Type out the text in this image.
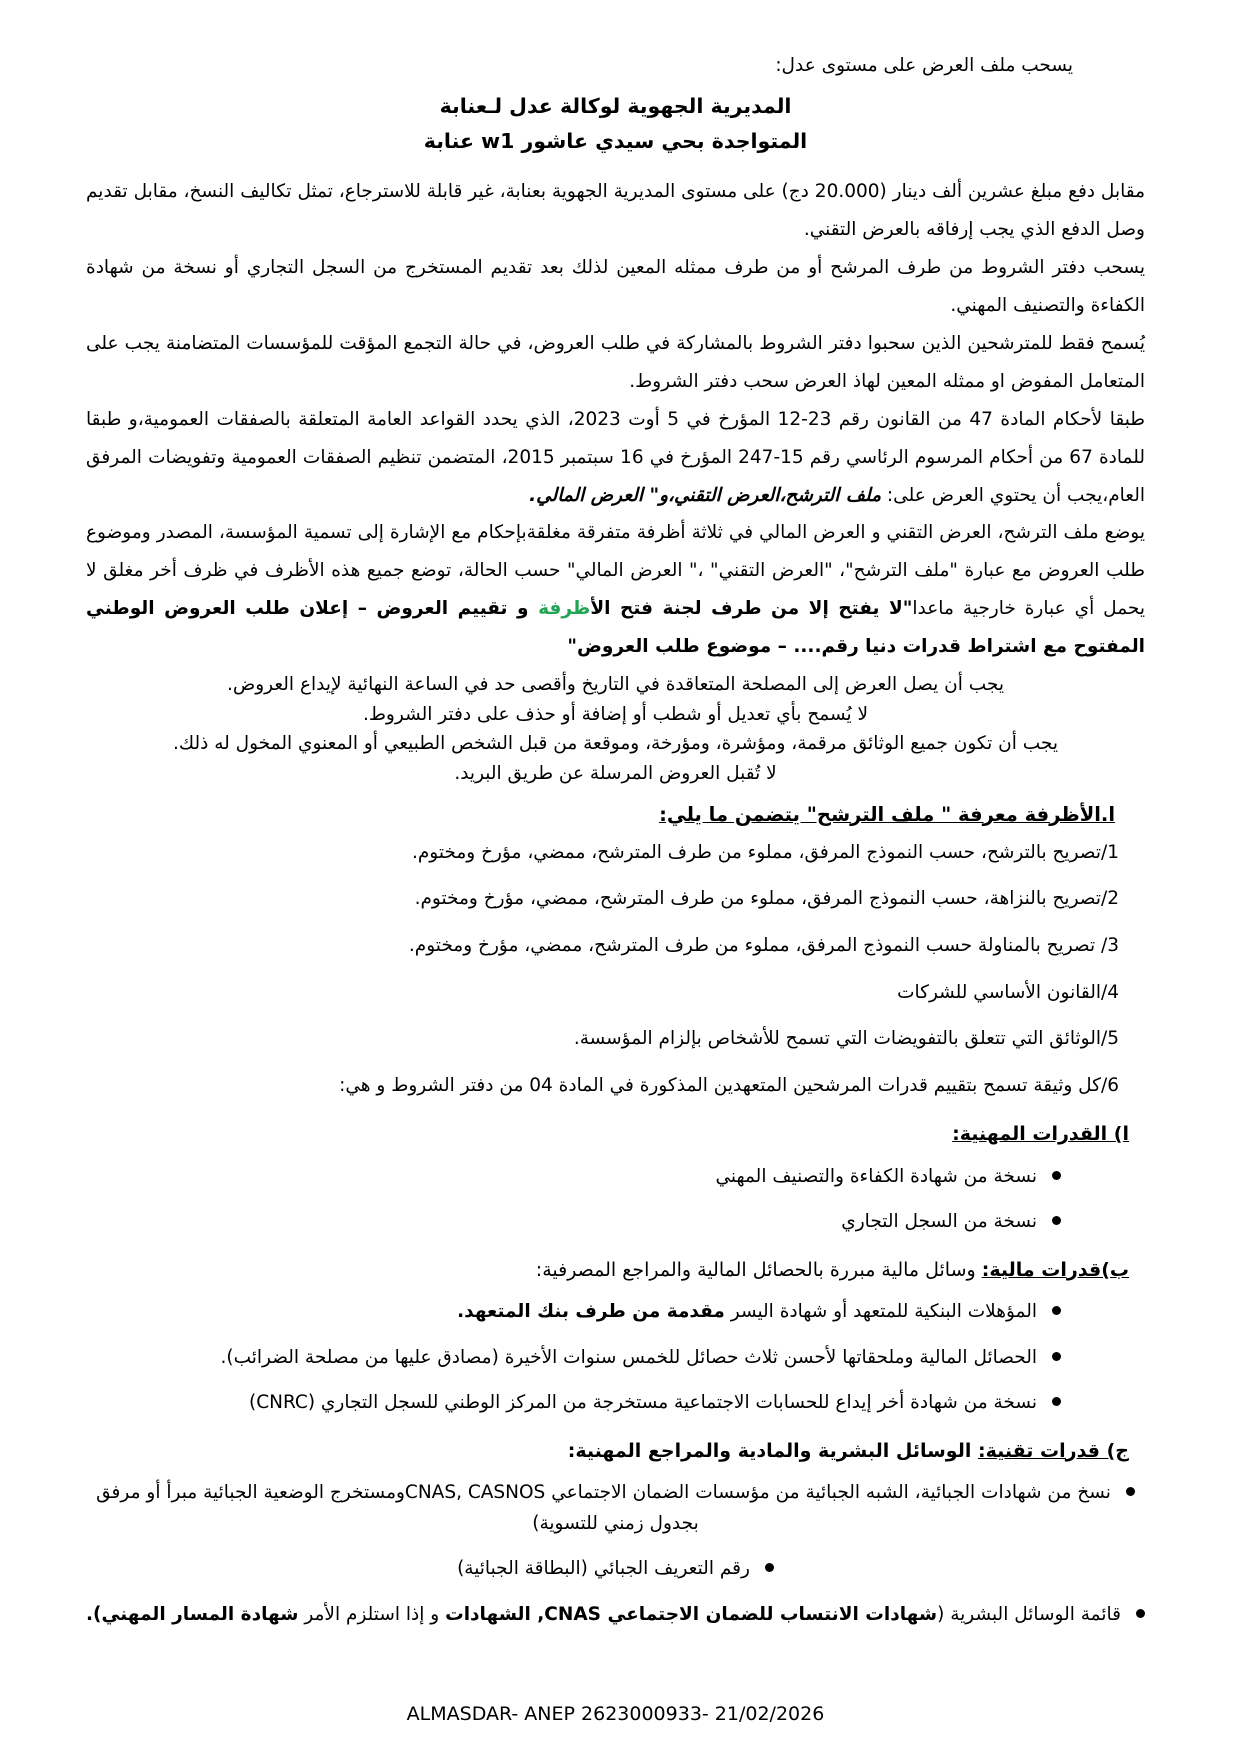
يسحب ملف العرض على مستوى عدل:

المديرية الجهوية لوكالة عدل لـعنابة

المتواجدة بحي سيدي عاشور w1 عنابة

مقابل دفع مبلغ عشرين ألف دينار (20.000 دج) على مستوى المديرية الجهوية بعنابة، غير قابلة للاسترجاع، تمثل تكاليف النسخ، مقابل تقديم وصل الدفع الذي يجب إرفاقه بالعرض التقني.

يسحب دفتر الشروط من طرف المرشح أو من طرف ممثله المعين لذلك بعد تقديم المستخرج من السجل التجاري أو نسخة من شهادة الكفاءة والتصنيف المهني.

يُسمح فقط للمترشحين الذين سحبوا دفتر الشروط بالمشاركة في طلب العروض، في حالة التجمع المؤقت للمؤسسات المتضامنة يجب على المتعامل المفوض او ممثله المعين لهاذ العرض سحب دفتر الشروط.

طبقا لأحكام المادة 47 من القانون رقم 23-12 المؤرخ في 5 أوت 2023، الذي يحدد القواعد العامة المتعلقة بالصفقات العمومية،و طبقا للمادة 67 من أحكام المرسوم الرئاسي رقم 15-247 المؤرخ في 16 سبتمبر 2015، المتضمن تنظيم الصفقات العمومية وتفويضات المرفق العام،يجب أن يحتوي العرض على: ملف الترشح،العرض التقني،و" العرض المالي.

يوضع ملف الترشح، العرض التقني و العرض المالي في ثلاثة أظرفة متفرقة مغلقةبإحكام مع الإشارة إلى تسمية المؤسسة، المصدر وموضوع طلب العروض مع عبارة "ملف الترشح"، "العرض التقني" ،" العرض المالي" حسب الحالة، توضع جميع هذه الأظرف في ظرف أخر مغلق لا يحمل أي عبارة خارجية ماعدا"لا يفتح إلا من طرف لجنة فتح الأظرفة و تقييم العروض – إعلان طلب العروض الوطني المفتوح مع اشتراط قدرات دنيا رقم.... – موضوع طلب العروض"

يجب أن يصل العرض إلى المصلحة المتعاقدة في التاريخ وأقصى حد في الساعة النهائية لإيداع العروض.

لا يُسمح بأي تعديل أو شطب أو إضافة أو حذف على دفتر الشروط.

يجب أن تكون جميع الوثائق مرقمة، ومؤشرة، ومؤرخة، وموقعة من قبل الشخص الطبيعي أو المعنوي المخول له ذلك.

لا تُقبل العروض المرسلة عن طريق البريد.

ا.الأظرفة معرفة " ملف الترشح" يتضمن ما يلي:
1/تصريح بالترشح، حسب النموذج المرفق، مملوء من طرف المترشح، ممضي، مؤرخ ومختوم.
2/تصريح بالنزاهة، حسب النموذج المرفق، مملوء من طرف المترشح، ممضي، مؤرخ ومختوم.
3/ تصريح بالمناولة حسب النموذج المرفق، مملوء من طرف المترشح، ممضي، مؤرخ ومختوم.
4/القانون الأساسي للشركات
5/الوثائق التي تتعلق بالتفويضات التي تسمح للأشخاص بإلزام المؤسسة.
6/كل وثيقة تسمح بتقييم قدرات المرشحين المتعهدين المذكورة في المادة 04 من دفتر الشروط و هي:
ا) القدرات المهنية:
نسخة من شهادة الكفاءة والتصنيف المهني
نسخة من السجل التجاري
ب)قدرات مالية: وسائل مالية مبررة بالحصائل المالية والمراجع المصرفية:
المؤهلات البنكية للمتعهد أو شهادة اليسر مقدمة من طرف بنك المتعهد.
الحصائل المالية وملحقاتها لأحسن ثلاث حصائل للخمس سنوات الأخيرة (مصادق عليها من مصلحة الضرائب).
نسخة من شهادة أخر إيداع للحسابات الاجتماعية مستخرجة من المركز الوطني للسجل التجاري (CNRC)
ج) قدرات تقنية: الوسائل البشرية والمادية والمراجع المهنية:
نسخ من شهادات الجبائية، الشبه الجبائية من مؤسسات الضمان الاجتماعي CNAS, CASNOSومستخرج الوضعية الجبائية مبرأ أو مرفق بجدول زمني للتسوية)
رقم التعريف الجبائي (البطاقة الجبائية)
قائمة الوسائل البشرية (شهادات الانتساب للضمان الاجتماعي CNAS, الشهادات و إذا استلزم الأمر شهادة المسار المهني).

ALMASDAR- ANEP 2623000933- 21/02/2026
